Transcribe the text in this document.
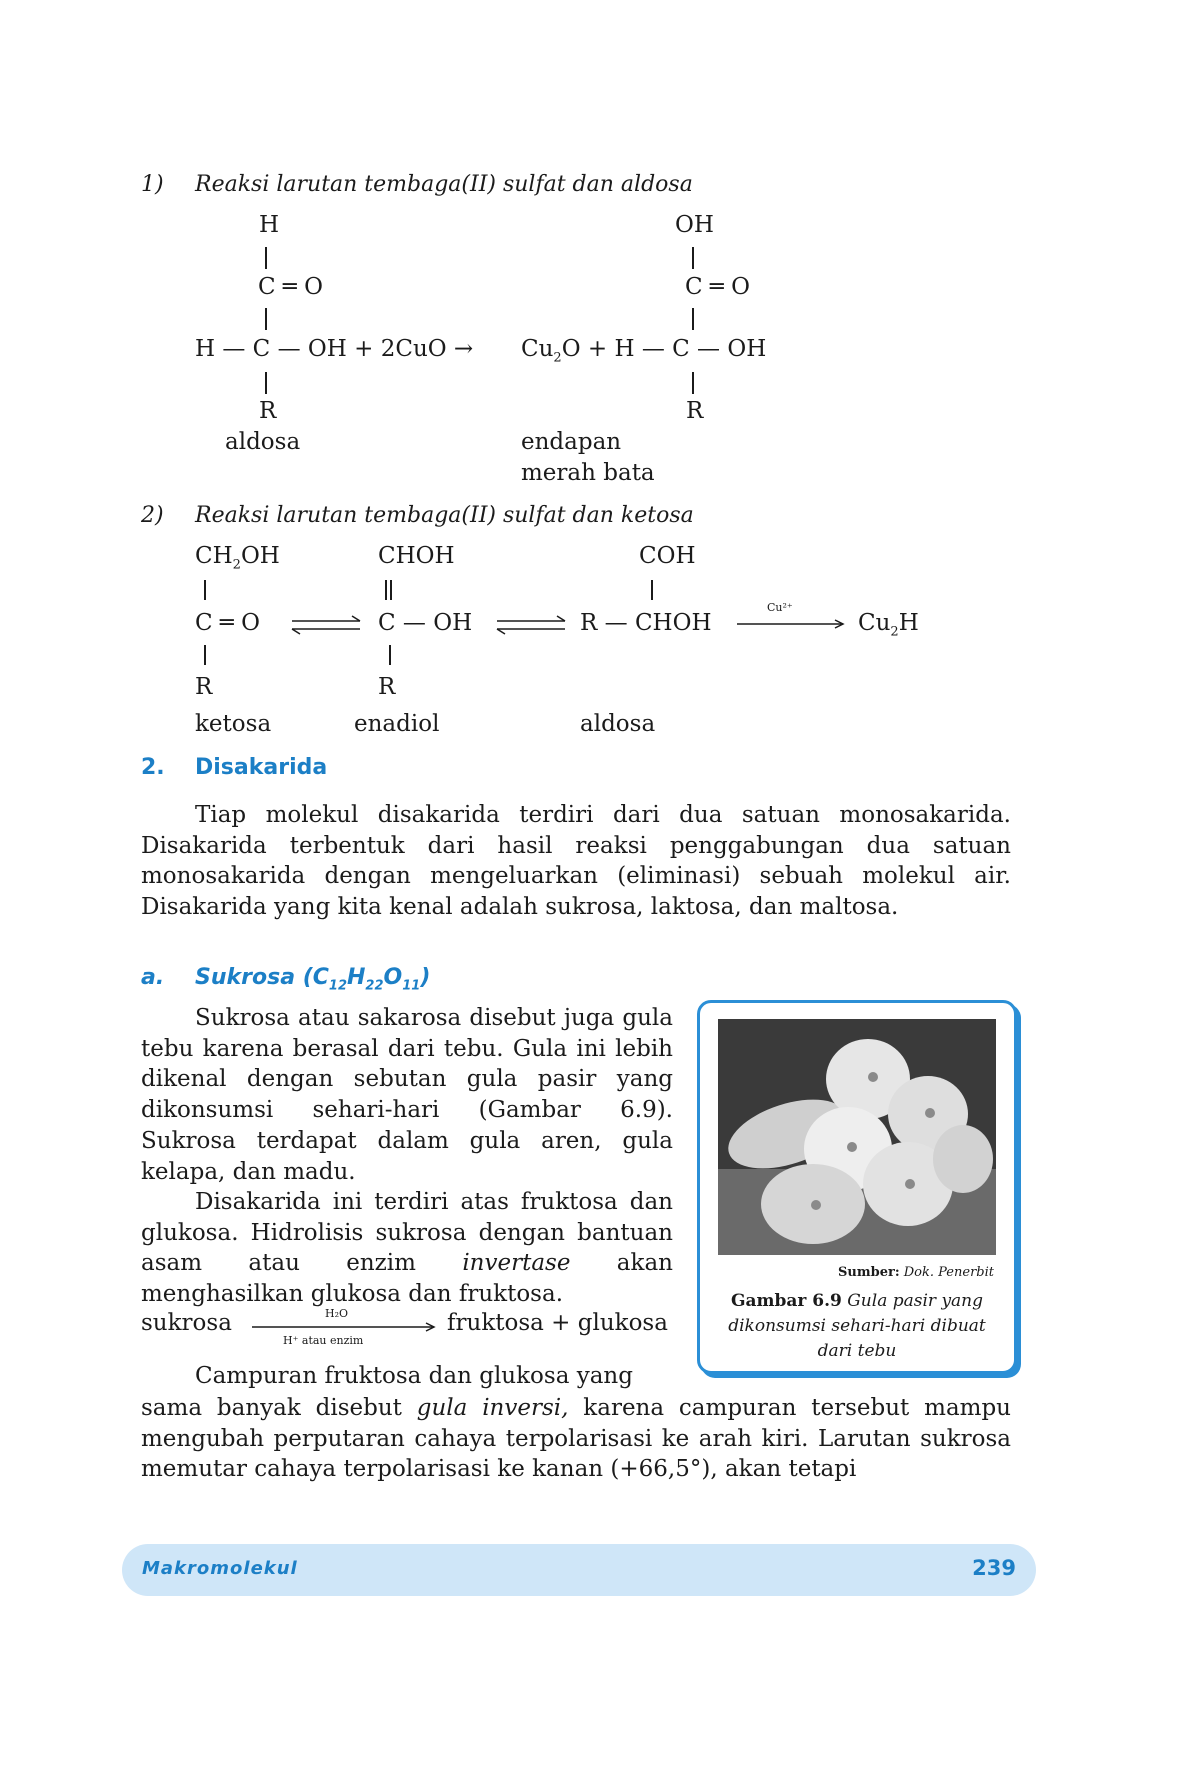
1) Reaksi larutan tembaga(II) sulfat dan aldosa
H
C ═ O
H — C — OH + $2CuO \to Cu_2O + H$ — C — OH
R
OH
C ═ O
R
aldosa	endapan
merah bata
2) Reaksi larutan tembaga(II) sulfat dan ketosa
$CH_2OH$	CHOH	COH
C ═ O	C — OH	R — CHOH
Cu²⁺
$Cu_2H$
R	R
ketosa	enadiol	aldosa
2. Disakarida

Tiap molekul disakarida terdiri dari dua satuan monosakarida. Disakarida terbentuk dari hasil reaksi penggabungan dua satuan monosakarida dengan mengeluarkan (eliminasi) sebuah molekul air. Disakarida yang kita kenal adalah sukrosa, laktosa, dan maltosa.

a. Sukrosa $(C_{12}H_{22}O_{11})$

Sukrosa atau sakarosa disebut juga gula tebu karena berasal dari tebu. Gula ini lebih dikenal dengan sebutan gula pasir yang dikonsumsi sehari-hari (Gambar 6.9). Sukrosa terdapat dalam gula aren, gula kelapa, dan madu.

Disakarida ini terdiri atas fruktosa dan glukosa. Hidrolisis sukrosa dengan bantuan asam atau enzim invertase akan menghasilkan glukosa dan fruktosa.

sukrosa	H₂O
H⁺ atau enzim
fruktosa + glukosa
Campuran fruktosa dan glukosa yang

sama banyak disebut gula inversi, karena campuran tersebut mampu mengubah perputaran cahaya terpolarisasi ke arah kiri. Larutan sukrosa memutar cahaya terpolarisasi ke kanan (+66,5°), akan tetapi

Sumber: Dok. Penerbit
Gambar 6.9 Gula pasir yang dikonsumsi sehari-hari dibuat dari tebu
Makromolekul	239
